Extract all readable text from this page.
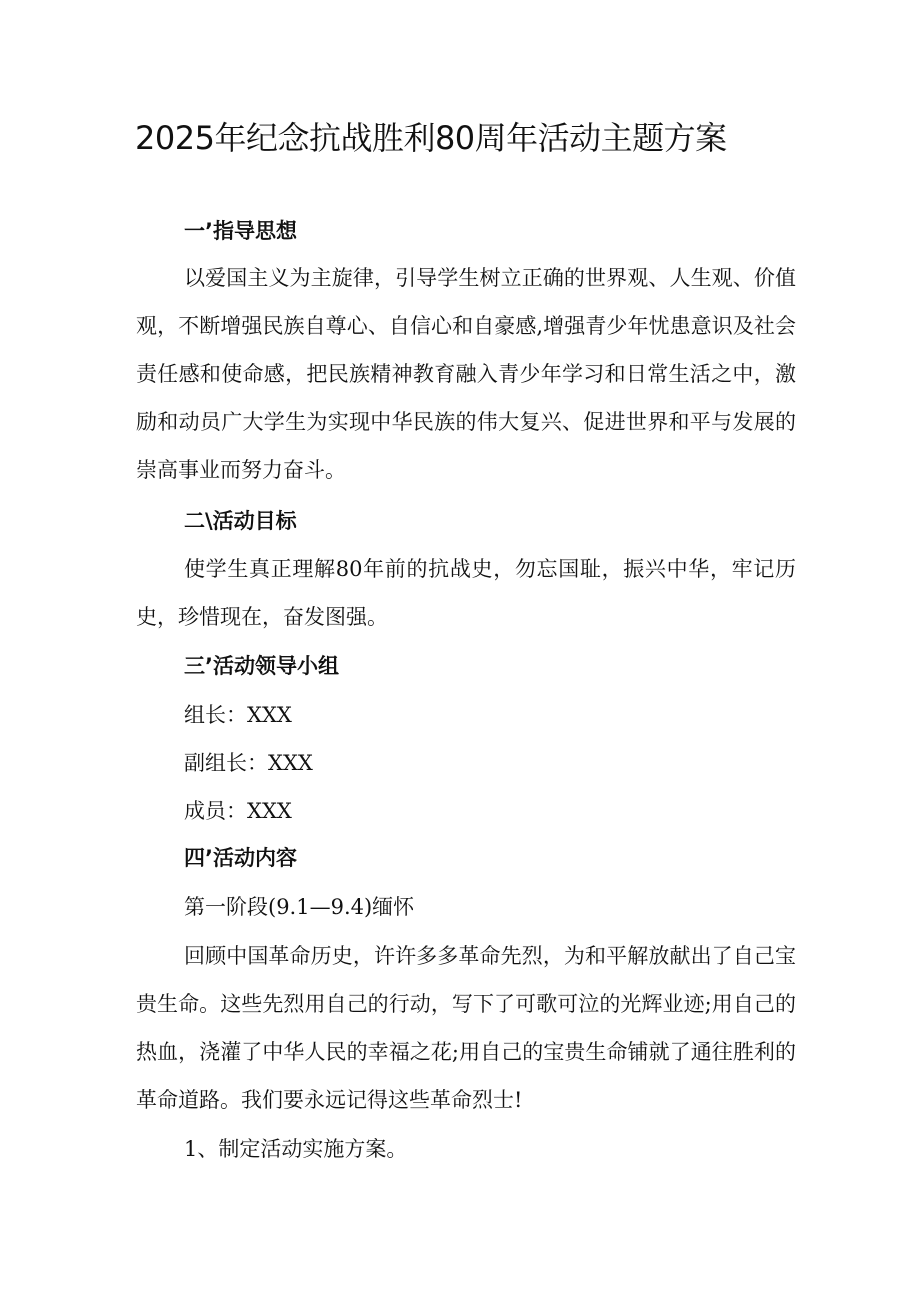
2025年纪念抗战胜利80周年活动主题方案
一’指导思想

以爱国主义为主旋律，引导学生树立正确的世界观、人生观、价值观，不断增强民族自尊心、自信心和自豪感,增强青少年忧患意识及社会责任感和使命感，把民族精神教育融入青少年学习和日常生活之中，激励和动员广大学生为实现中华民族的伟大复兴、促进世界和平与发展的崇高事业而努力奋斗。

二\活动目标

使学生真正理解80年前的抗战史，勿忘国耻，振兴中华，牢记历史，珍惜现在，奋发图强。

三’活动领导小组
组长：XXX
副组长：XXX
成员：XXX
四’活动内容
第一阶段(9.1—9.4)缅怀

回顾中国革命历史，许许多多革命先烈，为和平解放献出了自己宝贵生命。这些先烈用自己的行动，写下了可歌可泣的光辉业迹;用自己的热血，浇灌了中华人民的幸福之花;用自己的宝贵生命铺就了通往胜利的革命道路。我们要永远记得这些革命烈士!

1、制定活动实施方案。
